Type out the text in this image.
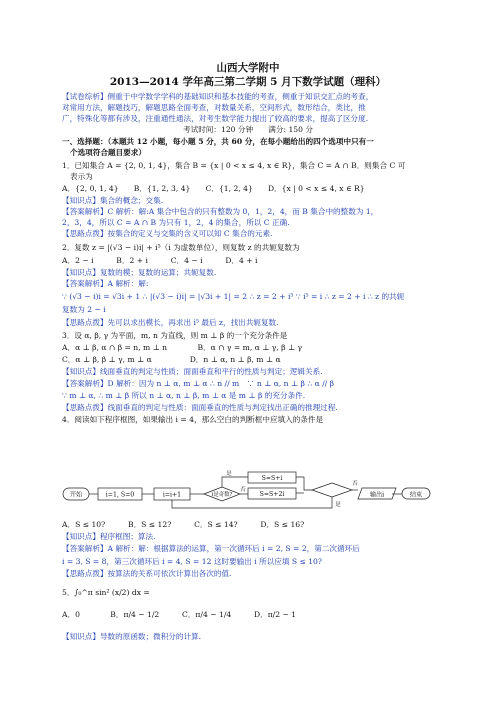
山西大学附中
2013—2014 学年高三第二学期 5 月下数学试题（理科）
【试卷综析】侧重于中学数学学科的基础知识和基本技能的考查，侧重于知识交汇点的考查，
对常用方法，解题技巧，解题思路全面考查，对数量关系，空间形式，数形结合，类比，推
广，特殊化等都有涉及，注重通性通法，对考生数学能力提出了较高的要求，提高了区分度.
考试时间：120 分钟　　满分: 150 分
一、选择题：（本题共 12 小题，每小题 5 分，共 60 分，在每小题给出的四个选项中只有一
个选项符合题目要求）
1．已知集合 A = {2, 0, 1, 4}，集合 B = {x | 0 < x ≤ 4, x ∈ R}，集合 C = A ∩ B．则集合 C 可
表示为
A．{2, 0, 1, 4}　　B．{1, 2, 3, 4}　　C．{1, 2, 4}　　D．{x | 0 < x ≤ 4, x ∈ R}
【知识点】集合的概念；交集.
【答案解析】C 解析：解:A 集合中包含的只有整数为 0，1，2，4，而 B 集合中的整数为 1，
2，3，4，所以 C = A ∩ B 为只有 1，2，4 的集合，所以 C 正确.
【思路点拨】按集合的定义与交集的含义可以知 C 集合的元素.
2．复数 z = |(√3 − i)i| + i⁵（i 为虚数单位），则复数 z 的共轭复数为
A．2 − i　　　B．2 + i　　　C．4 − i　　　D．4 + i
【知识点】复数的模；复数的运算；共轭复数.
【答案解析】A 解析：解:
∵ (√3 − i)i = √3i + 1 ∴ |(√3 − i)i| = |√3i + 1| = 2 ∴ z = 2 + i⁵ ∵ i⁵ = i ∴ z = 2 + i ∴ z 的共轭
复数为 2 − i
【思路点拨】先可以求出模长，再求出 i⁵ 最后 z，找出共轭复数.
3．设 α, β, γ 为平面，m, n 为直线，则 m ⊥ β 的一个充分条件是
A．α ⊥ β, α ∩ β = n, m ⊥ n　　　　B．α ∩ γ = m, α ⊥ γ, β ⊥ γ
C．α ⊥ β, β ⊥ γ, m ⊥ α　　　　　D．n ⊥ α, n ⊥ β, m ⊥ α
【知识点】线面垂直的判定与性质；面面垂直和平行的性质与判定；逻辑关系.
【答案解析】D 解析：因为 n ⊥ α, m ⊥ α ∴ n // m　∵ n ⊥ α, n ⊥ β ∴ α // β
∵ m ⊥ α, ∴ m ⊥ β 所以 n ⊥ α, n ⊥ β, m ⊥ α 是 m ⊥ β 的充分条件.
【思路点拨】线面垂直的判定与性质：面面垂直的性质与判定找出正确的推理过程.
4．阅读如下程序框图，如果输出 i = 4，那么空白的判断框中应填入的条件是
开始	i=1, S=0	i=i+1	i是奇数?
是
否
S=S+i
S=S+2i
否
是
输出i	结束
A．S ≤ 10?　　　B．S ≤ 12?　　　C．S ≤ 14?　　　D．S ≤ 16?
【知识点】程序框图；算法.
【答案解析】A 解析：解：根据算法的运算，第一次循环后 i = 2, S = 2，第二次循环后
i = 3, S = 8，第三次循环后 i = 4, S = 12 这时要输出 i 所以应填 S ≤ 10?
【思路点拨】按算法的关系可依次计算出各次的值.
5．∫₀^π sin² (x/2) dx =
A．0　　　　B．π/4 − 1/2　　　C．π/4 − 1/4　　　D．π/2 − 1
【知识点】导数的原函数；微积分的计算.
